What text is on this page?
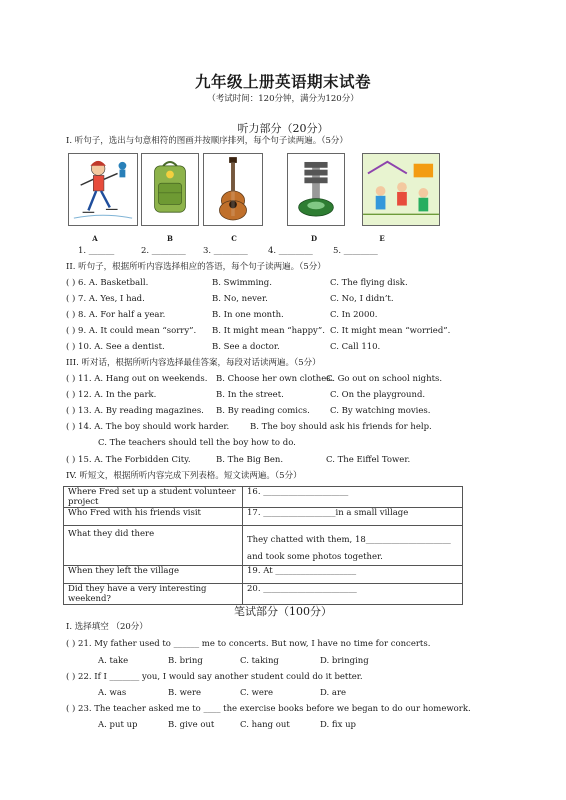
九年级上册英语期末试卷
（考试时间：120分钟，满分为120分）
听力部分（20分）
I. 听句子，选出与句意相符的图画并按顺序排列，每个句子读两遍。（5分）
A	B	C	D	E
1. ______	2. ________ 3. ________ 4. ________ 5. ________
II. 听句子，根据所听内容选择相应的答语，每个句子读两遍。（5分）
( ) 6. A. Basketball.	B. Swimming.	C. The flying disk.
( ) 7. A. Yes, I had.	B. No, never.	C. No, I didn’t.
( ) 8. A. For half a year.	B. In one month.	C. In 2000.
( ) 9. A. It could mean “sorry”. B. It might mean “happy”. C. It might mean “worried”.
( ) 10. A. See a dentist.	B. See a doctor.	C. Call 110.
III. 听对话，根据所听内容选择最佳答案，每段对话读两遍。（5分）
( ) 11. A. Hang out on weekends. B. Choose her own clothes.
C. Go out on school nights.
( ) 12. A. In the park.	B. In the street.	C. On the playground.
( ) 13. A. By reading magazines. B. By reading comics. C. By watching movies.
( ) 14. A. The boy should work harder. B. The boy should ask his friends for help.
C. The teachers should tell the boy how to do.
( ) 15. A. The Forbidden City.	B. The Big Ben.	C. The Eiffel Tower.
IV. 听短文，根据所听内容完成下列表格。短文读两遍。（5分）
Where Fred set up a student volunteer project	16. ____________________
Who Fred with his friends visit	17. _________________in a small village
What they did there	They chatted with them, 18____________________
and took some photos together.

When they left the village	19. At ___________________
Did they have a very interesting weekend?	20. ______________________
笔试部分（100分）
I. 选择填空 （20分）
( ) 21. My father used to ______ me to concerts. But now, I have no time for concerts.
A. take	B. bring	C. taking	D. bringing
( ) 22. If I _______ you, I would say another student could do it better.
A. was	B. were	C. were	D. are
( ) 23. The teacher asked me to ____ the exercise books before we began to do our homework.
A. put up	B. give out	C. hang out	D. fix up
